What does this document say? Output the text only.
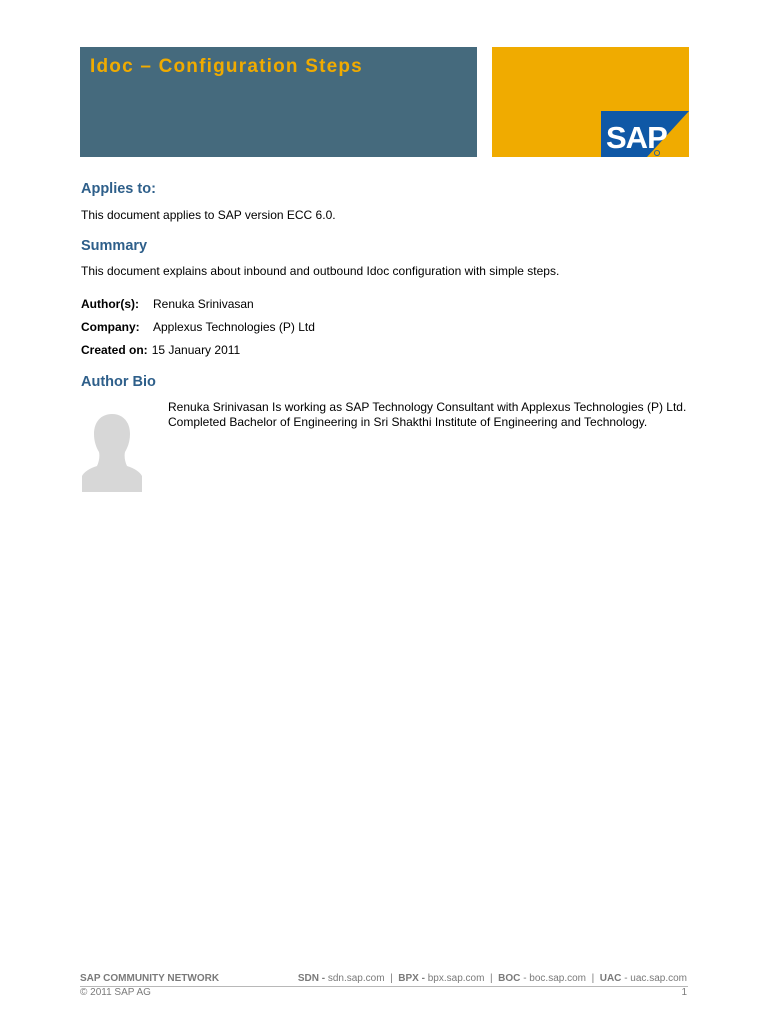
Idoc – Configuration Steps
SAP
Applies to:
This document applies to SAP version ECC 6.0.
Summary
This document explains about inbound and outbound Idoc configuration with simple steps.
Author(s): Renuka Srinivasan
Company: Applexus Technologies (P) Ltd
Created on: 15 January 2011
Author Bio
Renuka Srinivasan Is working as SAP Technology Consultant with Applexus Technologies (P) Ltd. Completed Bachelor of Engineering in Sri Shakthi Institute of Engineering and Technology.
SAP COMMUNITY NETWORK
© 2011 SAP AG
SDN - sdn.sap.com | BPX - bpx.sap.com | BOC - boc.sap.com | UAC - uac.sap.com
1
